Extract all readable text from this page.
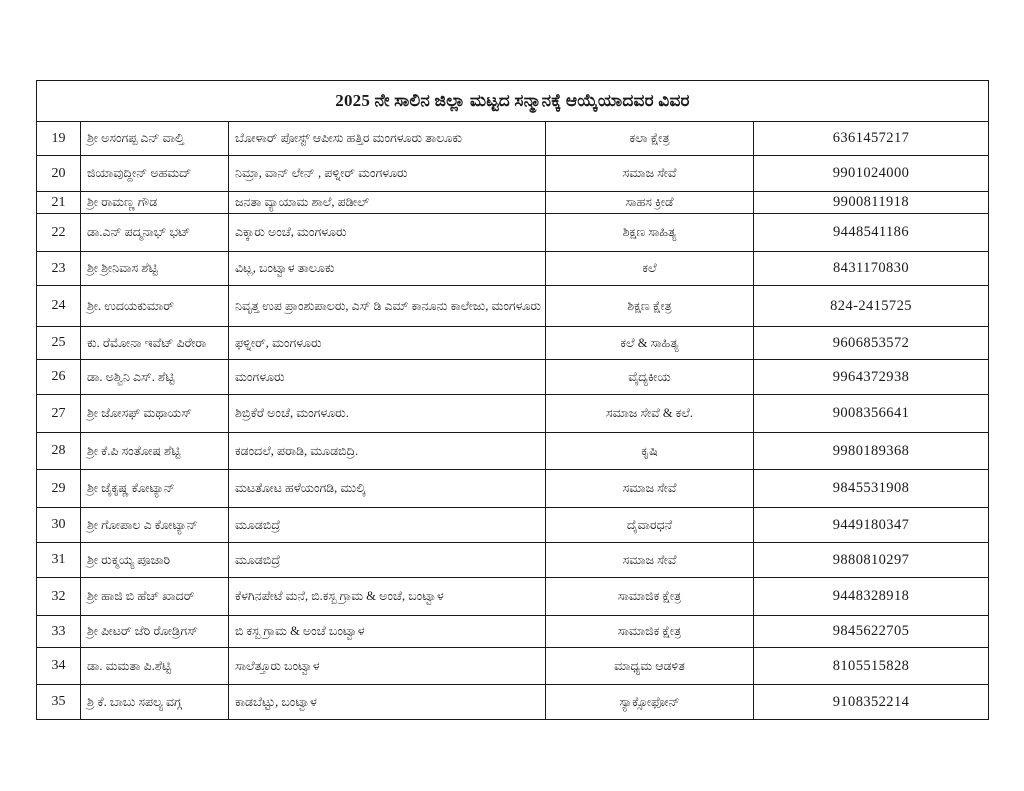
2025 ನೇ ಸಾಲಿನ ಜಿಲ್ಲಾ ಮಟ್ಟದ ಸನ್ಮಾನಕ್ಕೆ ಆಯ್ಕೆಯಾದವರ ವಿವರ				
19	ಶ್ರೀ ಅಸಂಗಪ್ಪ ಎನ್ ವಾಲ್ತಿ	ಬೋಳಾರ್ ಪೋಸ್ಟ್ ಆಪೀಸು ಹತ್ತಿರ ಮಂಗಳೂರು ತಾಲೂಕು	ಕಲಾ ಕ್ಷೇತ್ರ	6361457217
20	ಜಿಯಾವುದ್ದೀನ್ ಅಹಮದ್	ನಿಮ್ರಾ, ವಾನ್ ಲೇನ್ , ಪಳ್ನೀರ್ ಮಂಗಳೂರು	ಸಮಾಜ ಸೇವೆ	9901024000
21	ಶ್ರೀ ರಾಮಣ್ಣ ಗೌಡ	ಜನತಾ ವ್ಯಾಯಾಮ ಶಾಲೆ, ಪಡೀಲ್	ಸಾಹಸ ಕ್ರೀಡೆ	9900811918
22	ಡಾ.ಎನ್ ಪದ್ಮನಾಭ್ ಭಟ್	ಎಕ್ಕಾರು ಅಂಚೆ, ಮಂಗಳೂರು	ಶಿಕ್ಷಣ ಸಾಹಿತ್ಯ	9448541186
23	ಶ್ರೀ ಶ್ರೀನಿವಾಸ ಶೆಟ್ಟಿ	ವಿಟ್ಲ, ಬಂಟ್ವಾಳ ತಾಲೂಕು	ಕಲೆ	8431170830
24	ಶ್ರೀ. ಉದಯಕುಮಾರ್	ನಿವೃತ್ತ ಉಪ ಪ್ರಾಂಶುಪಾಲರು, ಎಸ್ ಡಿ ಎಮ್ ಕಾನೂನು ಕಾಲೇಜು, ಮಂಗಳೂರು	ಶಿಕ್ಷಣ ಕ್ಷೇತ್ರ	824-2415725
25	ಕು. ರೆಮೋನಾ ಇವೆಟ್ ಪಿರೇರಾ	ಫಳ್ನೀರ್, ಮಂಗಳೂರು	ಕಲೆ & ಸಾಹಿತ್ಯ	9606853572
26	ಡಾ. ಅಶ್ವಿನಿ ಎಸ್. ಶೆಟ್ಟಿ	ಮಂಗಳೂರು	ವೈದ್ಯಕೀಯ	9964372938
27	ಶ್ರೀ ಜೋಸಫ್ ಮಥಾಯಸ್	ಶಿಬ್ರಿಕೆರೆ ಅಂಚೆ, ಮಂಗಳೂರು.	ಸಮಾಜ ಸೇವೆ & ಕಲೆ.	9008356641
28	ಶ್ರೀ ಕೆ.ಪಿ ಸಂತೋಷ ಶೆಟ್ಟಿ	ಕಡಂದಲೆ, ಪರಾಡಿ, ಮೂಡಬಿದ್ರಿ.	ಕೃಷಿ	9980189368
29	ಶ್ರೀ ಜೈಕೃಷ್ಣ ಕೋಟ್ಯಾನ್	ಮಟತೋಟ ಹಳೆಯಂಗಡಿ, ಮುಲ್ಕಿ	ಸಮಾಜ ಸೇವೆ	9845531908
30	ಶ್ರೀ ಗೋಪಾಲ ಎ ಕೋಟ್ಯಾನ್	ಮೂಡಬಿದ್ರೆ	ದೈವಾರಧನೆ	9449180347
31	ಶ್ರೀ ರುಕ್ಮಯ್ಯ ಪೂಜಾರಿ	ಮೂಡಬಿದ್ರೆ	ಸಮಾಜ ಸೇವೆ	9880810297
32	ಶ್ರೀ ಹಾಜಿ ಬಿ ಹೆಚ್ ಖಾದರ್	ಕೆಳಗಿನಪೇಟೆ ಮನೆ, ಬಿ.ಕಸ್ಬ ಗ್ರಾಮ & ಅಂಚೆ, ಬಂಟ್ವಾಳ	ಸಾಮಾಜಿಕ ಕ್ಷೇತ್ರ	9448328918
33	ಶ್ರೀ ಪೀಟರ್ ಜೆರಿ ರೋಡ್ರಿಗಸ್	ಬಿ ಕಸ್ಬ ಗ್ರಾಮ & ಅಂಚೆ ಬಂಟ್ವಾಳ	ಸಾಮಾಜಿಕ ಕ್ಷೇತ್ರ	9845622705
34	ಡಾ. ಮಮತಾ ಪಿ.ಶೆಟ್ಟಿ	ಸಾಲೆತ್ತೂರು ಬಂಟ್ವಾಳ	ಮಾಧ್ಯಮ ಆಡಳಿತ	8105515828
35	ಶ್ರಿ ಕೆ. ಬಾಬು ಸಪಲ್ಯ ವಗ್ಗ	ಕಾಡಬೆಟ್ಟು, ಬಂಟ್ವಾಳ	ಸ್ಯಾಕ್ಸೋಫೋನ್	9108352214
